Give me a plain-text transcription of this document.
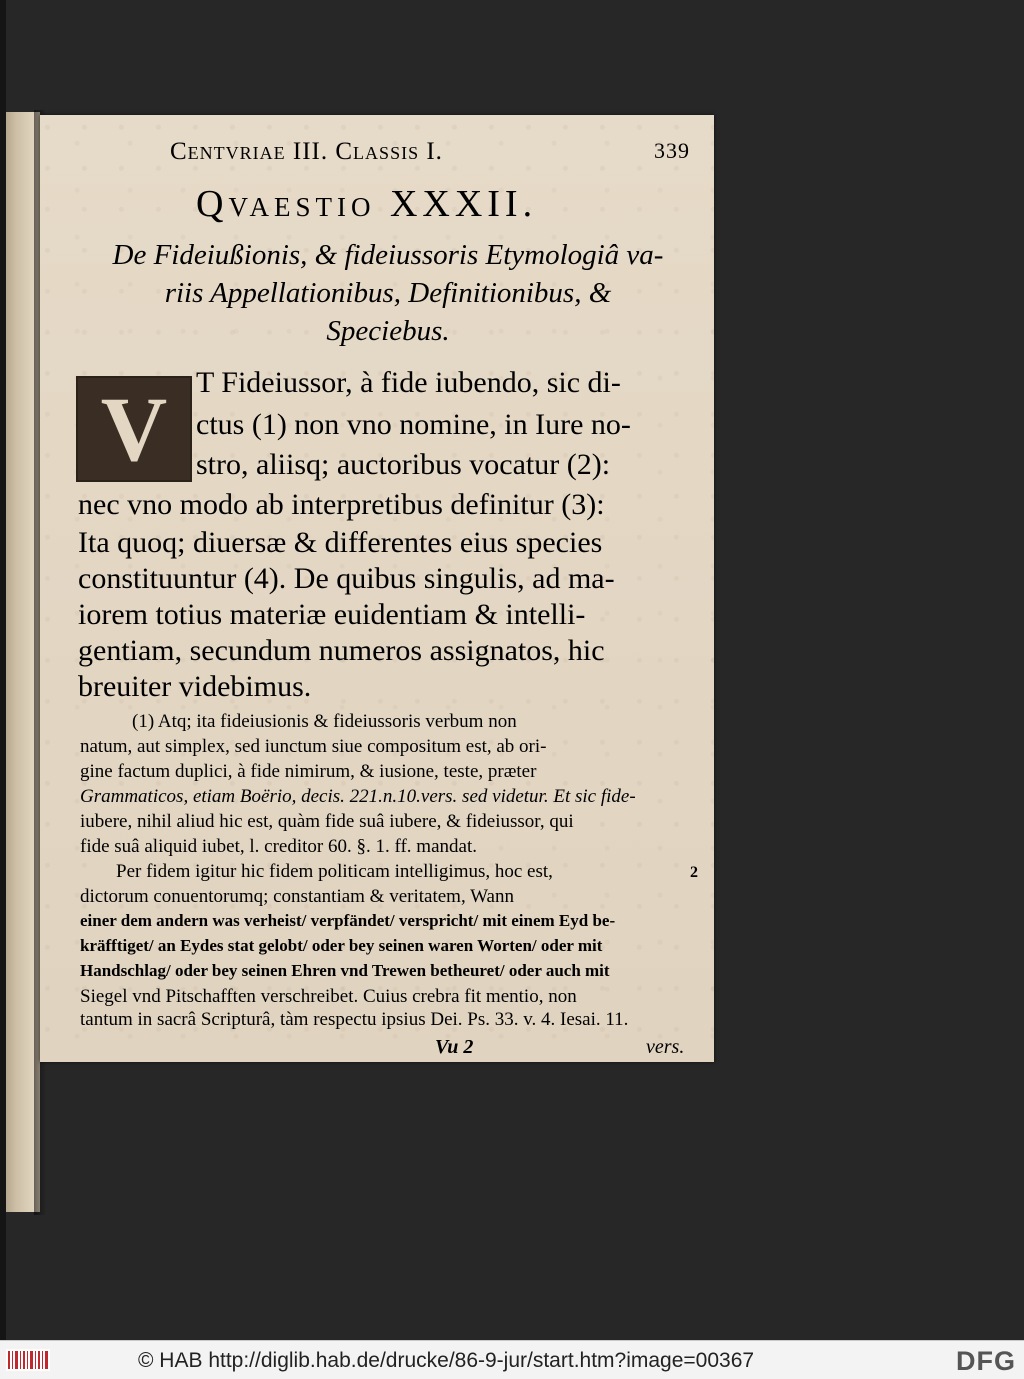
Centvriae III. Classis I.	339
Qvaestio XXXII.
De Fideiußionis, & fideiussoris Etymologiâ va-
riis Appellationibus, Definitionibus, &
Speciebus.
V T Fideiussor, à fide iubendo, sic di-
ctus (1) non vno nomine, in Iure no-
stro, aliisq; auctoribus vocatur (2):
nec vno modo ab interpretibus definitur (3):
Ita quoq; diuersæ & differentes eius species
constituuntur (4). De quibus singulis, ad ma-
iorem totius materiæ euidentiam & intelli-
gentiam, secundum numeros assignatos, hic
breuiter videbimus.
(1) Atq; ita fideiusionis & fideiussoris verbum non
natum, aut simplex, sed iunctum siue compositum est, ab ori-
gine factum duplici, à fide nimirum, & iusione, teste, præter
Grammaticos, etiam Boërio, decis. 221.n.10.vers. sed videtur. Et sic fide-
iubere, nihil aliud hic est, quàm fide suâ iubere, & fideiussor, qui
fide suâ aliquid iubet, l. creditor 60. §. 1. ff. mandat.
Per fidem igitur hic fidem politicam intelligimus, hoc est,
dictorum conuentorumq; constantiam & veritatem, Wann
einer dem andern was verheist/ verpfändet/ verspricht/ mit einem Eyd be-
kräfftiget/ an Eydes stat gelobt/ oder bey seinen waren Worten/ oder mit
Handschlag/ oder bey seinen Ehren vnd Trewen betheuret/ oder auch mit
Siegel vnd Pitschafften verschreibet. Cuius crebra fit mentio, non
tantum in sacrâ Scripturâ, tàm respectu ipsius Dei. Ps. 33. v. 4. Iesai. 11.
2
Vu 2	vers.
© HAB http://diglib.hab.de/drucke/86-9-jur/start.htm?image=00367	DFG
